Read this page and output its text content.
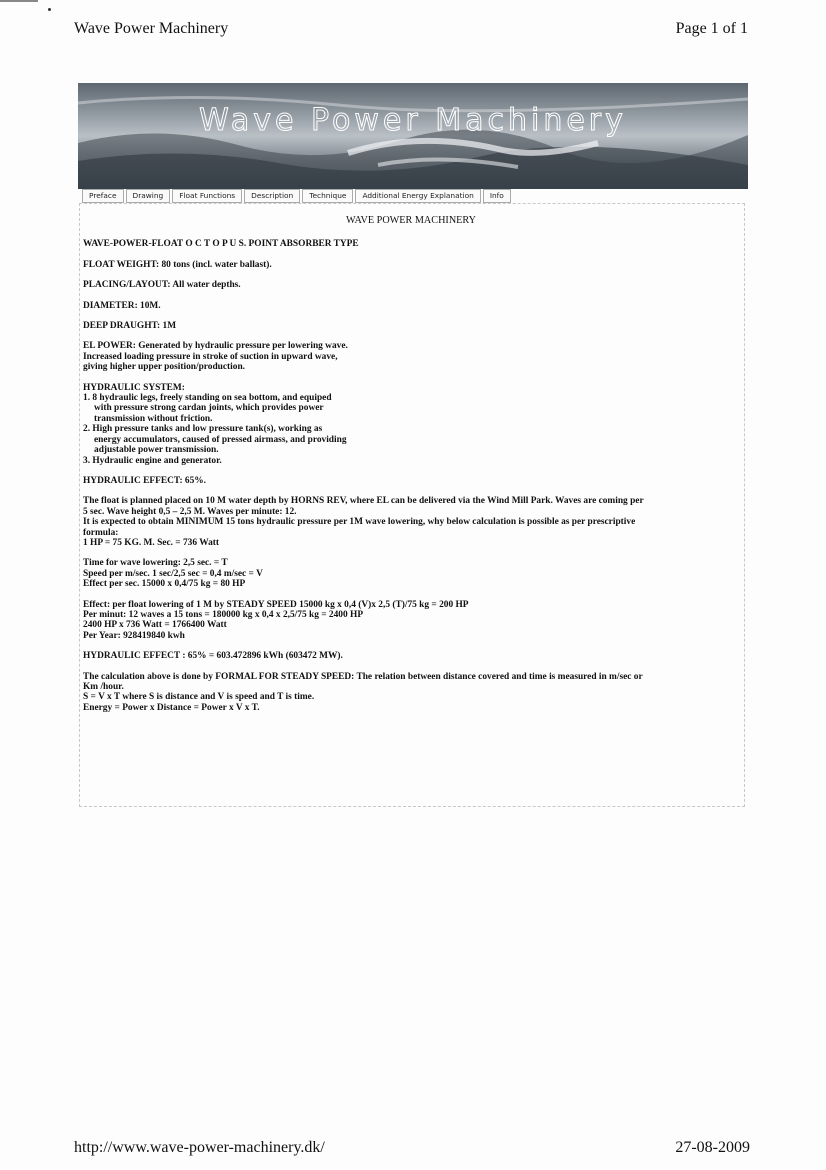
Wave Power Machinery	Page 1 of 1
Wave Power Machinery
Preface	Drawing	Float Functions	Description	Technique	Additional Energy Explanation	Info

WAVE POWER MACHINERY

WAVE-POWER-FLOAT O C T O P U S. POINT ABSORBER TYPE

FLOAT WEIGHT: 80 tons (incl. water ballast).

PLACING/LAYOUT: All water depths.

DIAMETER: 10M.

DEEP DRAUGHT: 1M

EL POWER: Generated by hydraulic pressure per lowering wave.

Increased loading pressure in stroke of suction in upward wave,

giving higher upper position/production.

HYDRAULIC SYSTEM:

1. 8 hydraulic legs, freely standing on sea bottom, and equiped

with pressure strong cardan joints, which provides power

transmission without friction.

2. High pressure tanks and low pressure tank(s), working as

energy accumulators, caused of pressed airmass, and providing

adjustable power transmission.

3. Hydraulic engine and generator.

HYDRAULIC EFFECT: 65%.

The float is planned placed on 10 M water depth by HORNS REV, where EL can be delivered via the Wind Mill Park. Waves are coming per

5 sec. Wave height 0,5 – 2,5 M. Waves per minute: 12.

It is expected to obtain MINIMUM 15 tons hydraulic pressure per 1M wave lowering, why below calculation is possible as per prescriptive

formula:

1 HP = 75 KG. M. Sec. = 736 Watt

Time for wave lowering: 2,5 sec. = T

Speed per m/sec. 1 sec/2,5 sec = 0,4 m/sec = V

Effect per sec. 15000 x 0,4/75 kg = 80 HP

Effect: per float lowering of 1 M by STEADY SPEED 15000 kg x 0,4 (V)x 2,5 (T)/75 kg = 200 HP

Per minut: 12 waves a 15 tons = 180000 kg x 0,4 x 2,5/75 kg = 2400 HP

2400 HP x 736 Watt = 1766400 Watt

Per Year: 928419840 kwh

HYDRAULIC EFFECT : 65% = 603.472896 kWh (603472 MW).

The calculation above is done by FORMAL FOR STEADY SPEED: The relation between distance covered and time is measured in m/sec or

Km /hour.

S = V x T where S is distance and V is speed and T is time.

Energy = Power x Distance = Power x V x T.

http://www.wave-power-machinery.dk/	27-08-2009
